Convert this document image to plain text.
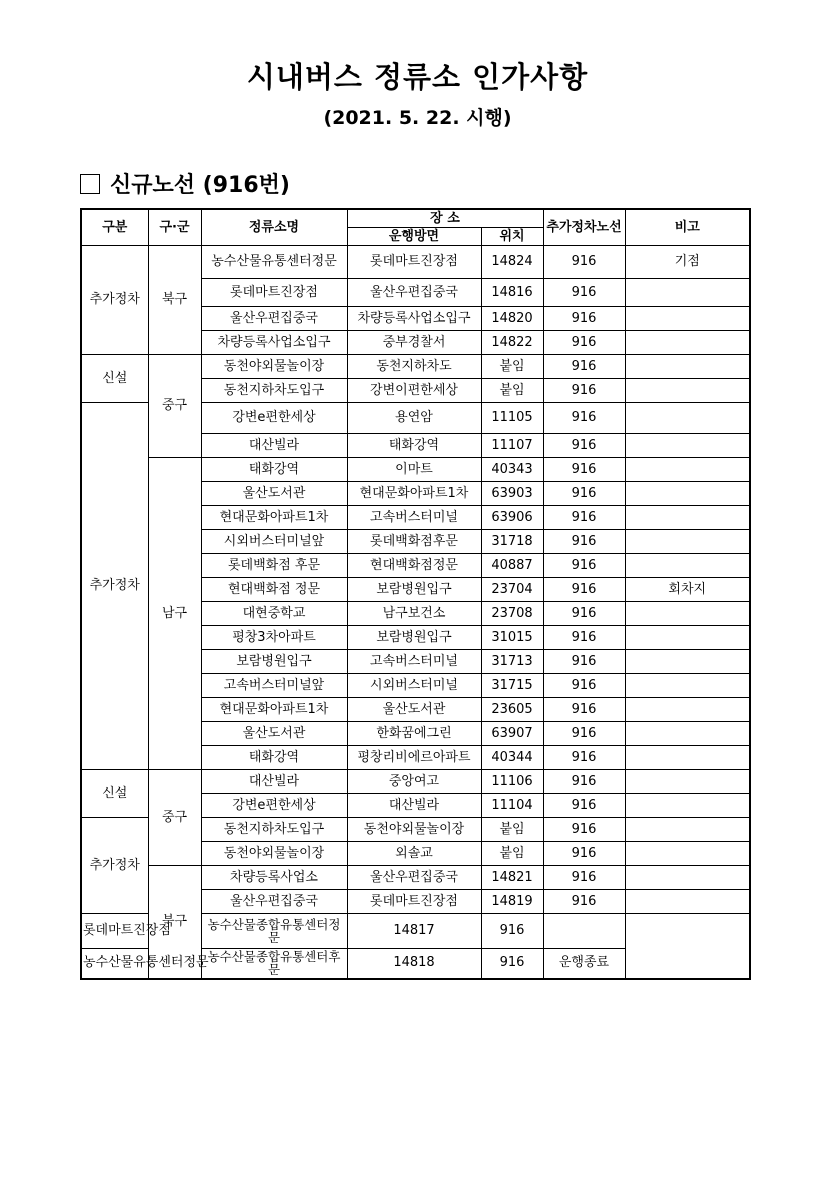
시내버스 정류소 인가사항
(2021. 5. 22. 시행)
신규노선 (916번)
구분	구·군	정류소명	장 소		추가정차노선	비고
			운행방면	위치		
추가정차	북구	농수산물유통센터정문	롯데마트진장점	14824	916	기점
		롯데마트진장점	울산우편집중국	14816	916	
		울산우편집중국	차량등록사업소입구	14820	916	
		차량등록사업소입구	중부경찰서	14822	916	
신설	중구	동천야외물놀이장	동천지하차도	붙임	916	
		동천지하차도입구	강변이편한세상	붙임	916	
추가정차		강변e편한세상	용연암	11105	916	
		대산빌라	태화강역	11107	916	
	남구	태화강역	이마트	40343	916	
		울산도서관	현대문화아파트1차	63903	916	
		현대문화아파트1차	고속버스터미널	63906	916	
		시외버스터미널앞	롯데백화점후문	31718	916	
		롯데백화점 후문	현대백화점정문	40887	916	
		현대백화점 정문	보람병원입구	23704	916	회차지
		대현중학교	남구보건소	23708	916	
		평창3차아파트	보람병원입구	31015	916	
		보람병원입구	고속버스터미널	31713	916	
		고속버스터미널앞	시외버스터미널	31715	916	
		현대문화아파트1차	울산도서관	23605	916	
		울산도서관	한화꿈에그린	63907	916	
		태화강역	평창리비에르아파트	40344	916	
신설	중구	대산빌라	중앙여고	11106	916	
		강변e편한세상	대산빌라	11104	916	
추가정차		동천지하차도입구	동천야외물놀이장	붙임	916	
		동천야외물놀이장	외솔교	붙임	916	
	북구	차량등록사업소	울산우편집중국	14821	916	
		울산우편집중국	롯데마트진장점	14819	916	
롯데마트진장점		농수산물종합유통센터정문	14817	916		
농수산물유통센터정문		농수산물종합유통센터후문	14818	916	운행종료	
